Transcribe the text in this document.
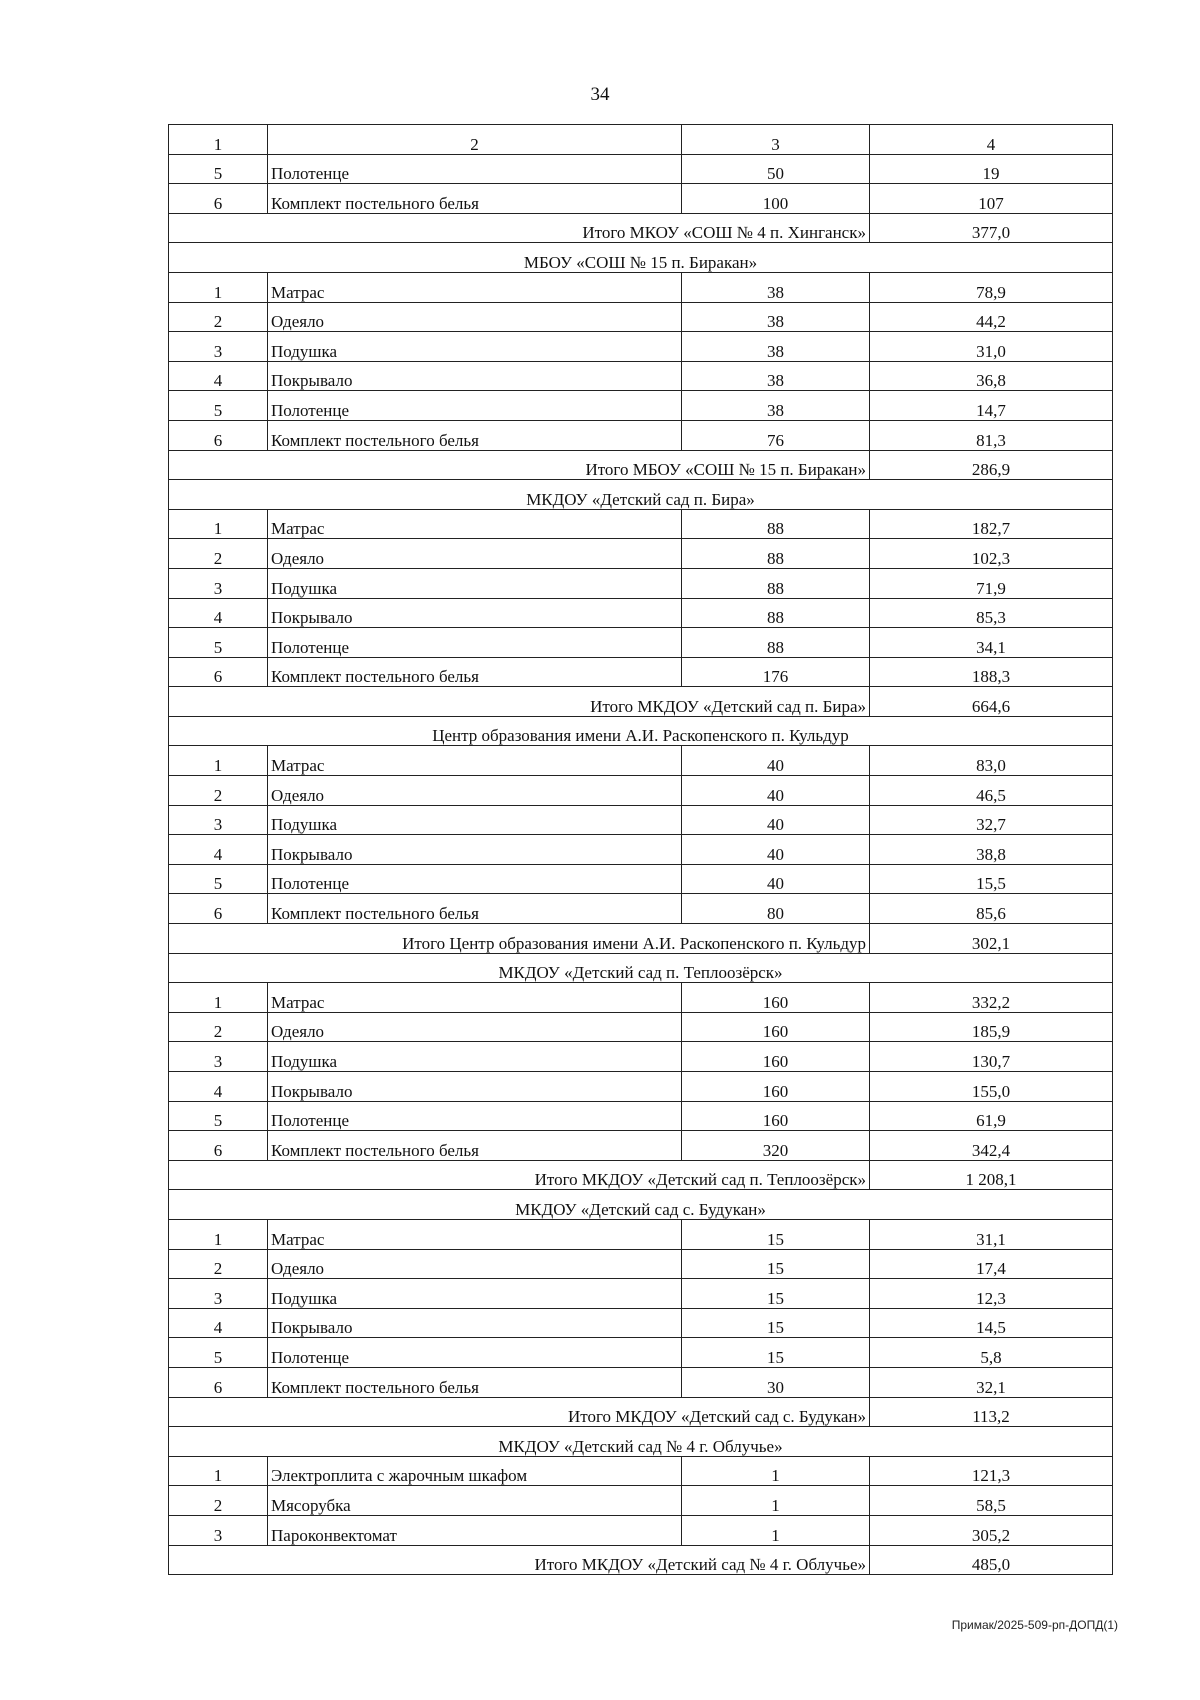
34
1	2	3	4
5	Полотенце	50	19
6	Комплект постельного белья	100	107
Итого МКОУ «СОШ № 4 п. Хинганск»			377,0
МБОУ «СОШ № 15 п. Биракан»			
1	Матрас	38	78,9
2	Одеяло	38	44,2
3	Подушка	38	31,0
4	Покрывало	38	36,8
5	Полотенце	38	14,7
6	Комплект постельного белья	76	81,3
Итого МБОУ «СОШ № 15 п. Биракан»			286,9
МКДОУ «Детский сад п. Бира»			
1	Матрас	88	182,7
2	Одеяло	88	102,3
3	Подушка	88	71,9
4	Покрывало	88	85,3
5	Полотенце	88	34,1
6	Комплект постельного белья	176	188,3
Итого МКДОУ «Детский сад п. Бира»			664,6
Центр образования имени А.И. Раскопенского п. Кульдур			
1	Матрас	40	83,0
2	Одеяло	40	46,5
3	Подушка	40	32,7
4	Покрывало	40	38,8
5	Полотенце	40	15,5
6	Комплект постельного белья	80	85,6
Итого Центр образования имени А.И. Раскопенского п. Кульдур			302,1
МКДОУ «Детский сад п. Теплоозёрск»			
1	Матрас	160	332,2
2	Одеяло	160	185,9
3	Подушка	160	130,7
4	Покрывало	160	155,0
5	Полотенце	160	61,9
6	Комплект постельного белья	320	342,4
Итого МКДОУ «Детский сад п. Теплоозёрск»			1 208,1
МКДОУ «Детский сад с. Будукан»			
1	Матрас	15	31,1
2	Одеяло	15	17,4
3	Подушка	15	12,3
4	Покрывало	15	14,5
5	Полотенце	15	5,8
6	Комплект постельного белья	30	32,1
Итого МКДОУ «Детский сад с. Будукан»			113,2
МКДОУ «Детский сад № 4 г. Облучье»			
1	Электроплита с жарочным шкафом	1	121,3
2	Мясорубка	1	58,5
3	Пароконвектомат	1	305,2
Итого МКДОУ «Детский сад № 4 г. Облучье»			485,0
Примак/2025-509-рп-ДОПД(1)
